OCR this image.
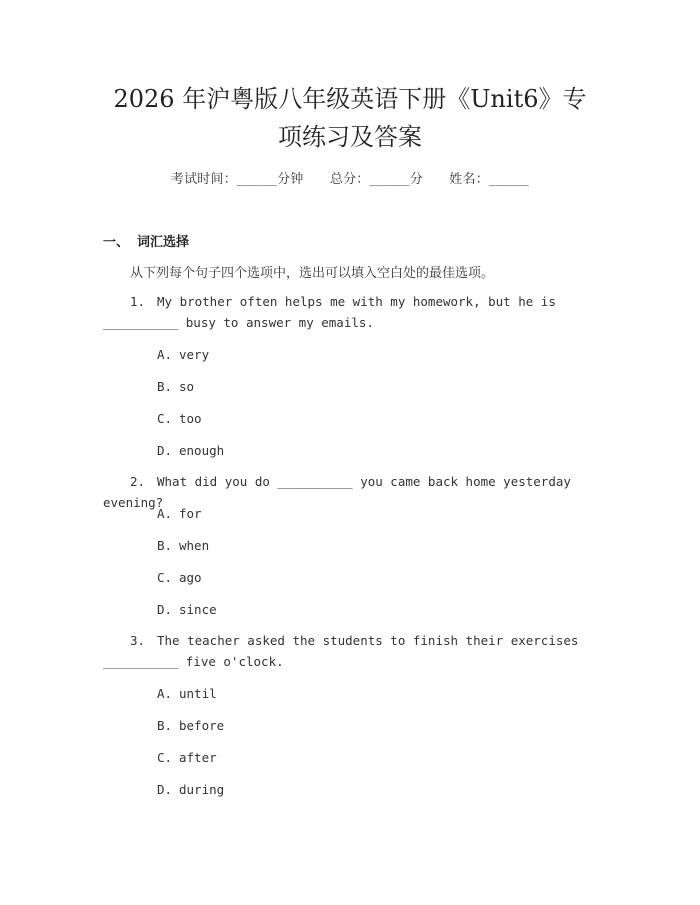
2026 年沪粤版八年级英语下册《Unit6》专
项练习及答案
考试时间：______分钟　　总分：______分　　姓名：______
一、 词汇选择
从下列每个句子四个选项中，选出可以填入空白处的最佳选项。
1. My brother often helps me with my homework, but he is __________ busy to answer my emails.
A. very
B. so
C. too
D. enough
2. What did you do __________ you came back home yesterday evening?
A. for
B. when
C. ago
D. since
3. The teacher asked the students to finish their exercises __________ five o'clock.
A. until
B. before
C. after
D. during
